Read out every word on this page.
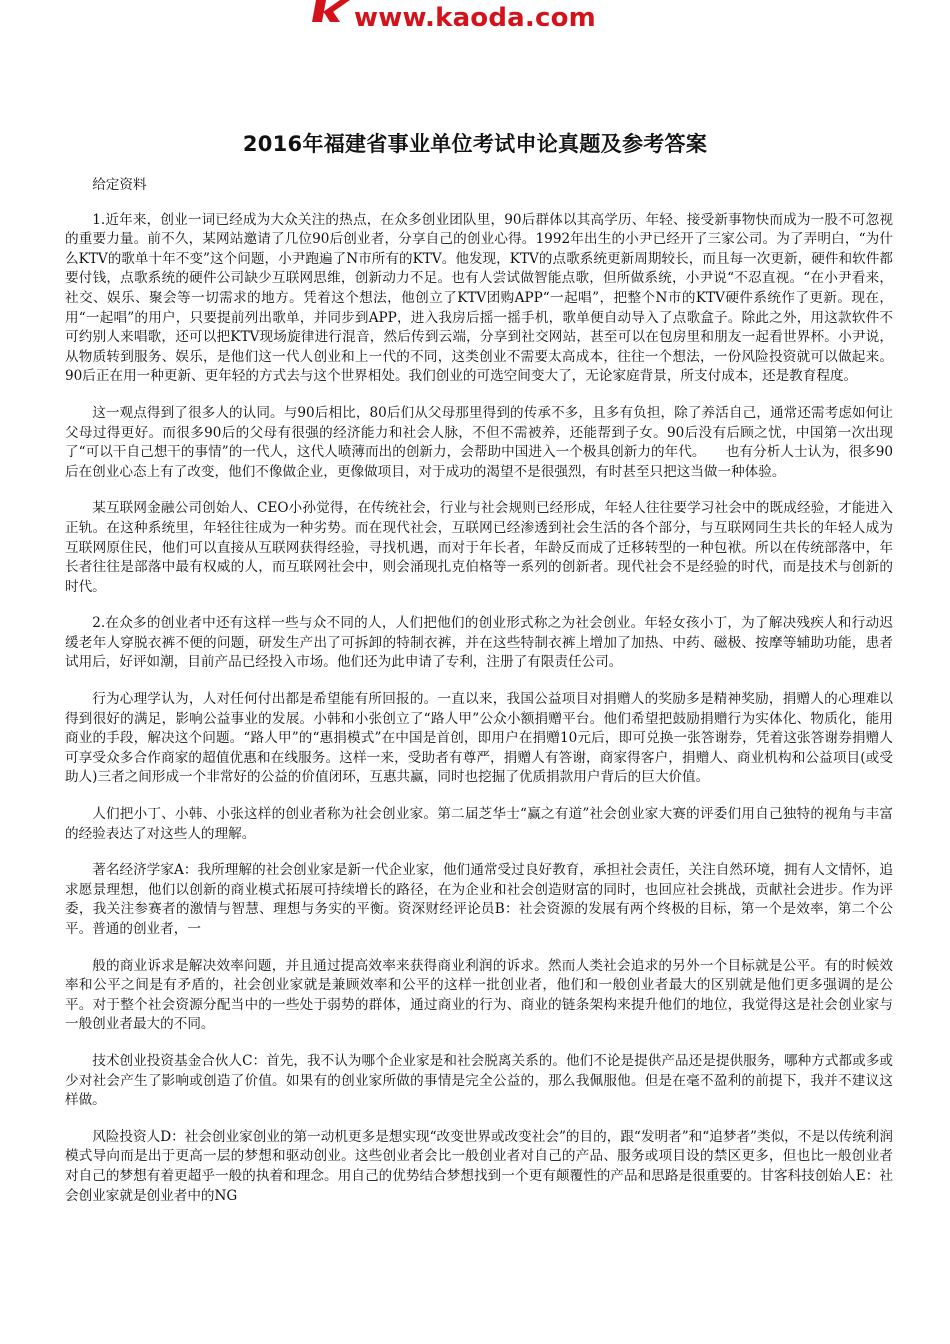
www.kaoda.com
2016年福建省事业单位考试申论真题及参考答案

给定资料

1.近年来，创业一词已经成为大众关注的热点，在众多创业团队里，90后群体以其高学历、年轻、接受新事物快而成为一股不可忽视的重要力量。前不久，某网站邀请了几位90后创业者，分享自己的创业心得。1992年出生的小尹已经开了三家公司。为了弄明白，“为什么KTV的歌单十年不变”这个问题，小尹跑遍了N市所有的KTV。他发现，KTV的点歌系统更新周期较长，而且每一次更新，硬件和软件都要付钱，点歌系统的硬件公司缺少互联网思维，创新动力不足。也有人尝试做智能点歌，但所做系统，小尹说“不忍直视。“在小尹看来，社交、娱乐、聚会等一切需求的地方。凭着这个想法，他创立了KTV团购APP“一起唱”，把整个N市的KTV硬件系统作了更新。现在，用“一起唱”的用户，只要提前列出歌单，并同步到APP，进入我房后摇一摇手机，歌单便自动导入了点歌盒子。除此之外，用这款软件不可约别人来唱歌，还可以把KTV现场旋律进行混音，然后传到云端，分享到社交网站，甚至可以在包房里和朋友一起看世界杯。小尹说，从物质转到服务、娱乐，是他们这一代人创业和上一代的不同，这类创业不需要太高成本，往往一个想法，一份风险投资就可以做起来。90后正在用一种更新、更年轻的方式去与这个世界相处。我们创业的可选空间变大了，无论家庭背景，所支付成本，还是教育程度。

这一观点得到了很多人的认同。与90后相比，80后们从父母那里得到的传承不多，且多有负担，除了养活自己，通常还需考虑如何让父母过得更好。而很多90后的父母有很强的经济能力和社会人脉，不但不需被养，还能帮到子女。90后没有后顾之忧，中国第一次出现了“可以干自己想干的事情”的一代人，这代人喷薄而出的创新力，会帮助中国进入一个极具创新力的年代。　　也有分析人士认为，很多90后在创业心态上有了改变，他们不像做企业，更像做项目，对于成功的渴望不是很强烈，有时甚至只把这当做一种体验。

某互联网金融公司创始人、CEO小孙觉得，在传统社会，行业与社会规则已经形成，年轻人往往要学习社会中的既成经验，才能进入正轨。在这种系统里，年轻往往成为一种劣势。而在现代社会，互联网已经渗透到社会生活的各个部分，与互联网同生共长的年轻人成为互联网原住民，他们可以直接从互联网获得经验，寻找机遇，而对于年长者，年龄反而成了迁移转型的一种包袱。所以在传统部落中，年长者往往是部落中最有权威的人，而互联网社会中，则会涌现扎克伯格等一系列的创新者。现代社会不是经验的时代，而是技术与创新的时代。

2.在众多的创业者中还有这样一些与众不同的人，人们把他们的创业形式称之为社会创业。年轻女孩小丁，为了解决残疾人和行动迟缓老年人穿脱衣裤不便的问题，研发生产出了可拆卸的特制衣裤，并在这些特制衣裤上增加了加热、中药、磁极、按摩等辅助功能，患者试用后，好评如潮，目前产品已经投入市场。他们还为此申请了专利，注册了有限责任公司。

行为心理学认为，人对任何付出都是希望能有所回报的。一直以来，我国公益项目对捐赠人的奖励多是精神奖励，捐赠人的心理难以得到很好的满足，影响公益事业的发展。小韩和小张创立了“路人甲”公众小额捐赠平台。他们希望把鼓励捐赠行为实体化、物质化，能用商业的手段，解决这个问题。“路人甲”的“惠捐模式”在中国是首创，即用户在捐赠10元后，即可兑换一张答谢券，凭着这张答谢券捐赠人可享受众多合作商家的超值优惠和在线服务。这样一来，受助者有尊严，捐赠人有答谢，商家得客户，捐赠人、商业机构和公益项目(或受助人)三者之间形成一个非常好的公益的价值闭环，互惠共赢，同时也挖掘了优质捐款用户背后的巨大价值。

人们把小丁、小韩、小张这样的创业者称为社会创业家。第二届芝华士“赢之有道”社会创业家大赛的评委们用自己独特的视角与丰富的经验表达了对这些人的理解。

著名经济学家A：我所理解的社会创业家是新一代企业家，他们通常受过良好教育，承担社会责任，关注自然环境，拥有人文情怀，追求愿景理想，他们以创新的商业模式拓展可持续增长的路径，在为企业和社会创造财富的同时，也回应社会挑战，贡献社会进步。作为评委，我关注参赛者的激情与智慧、理想与务实的平衡。资深财经评论员B：社会资源的发展有两个终极的目标，第一个是效率，第二个公平。普通的创业者，一

般的商业诉求是解决效率问题，并且通过提高效率来获得商业利润的诉求。然而人类社会追求的另外一个目标就是公平。有的时候效率和公平之间是有矛盾的，社会创业家就是兼顾效率和公平的这样一批创业者，他们和一般创业者最大的区别就是他们更多强调的是公平。对于整个社会资源分配当中的一些处于弱势的群体，通过商业的行为、商业的链条架构来提升他们的地位，我觉得这是社会创业家与一般创业者最大的不同。

技术创业投资基金合伙人C：首先，我不认为哪个企业家是和社会脱离关系的。他们不论是提供产品还是提供服务，哪种方式都或多或少对社会产生了影响或创造了价值。如果有的创业家所做的事情是完全公益的，那么我佩服他。但是在毫不盈利的前提下，我并不建议这样做。

风险投资人D：社会创业家创业的第一动机更多是想实现“改变世界或改变社会”的目的，跟“发明者”和“追梦者”类似，不是以传统利润模式导向而是出于更高一层的梦想和驱动创业。这些创业者会比一般创业者对自己的产品、服务或项目设的禁区更多，但也比一般创业者对自己的梦想有着更超乎一般的执着和理念。用自己的优势结合梦想找到一个更有颠覆性的产品和思路是很重要的。甘客科技创始人E：社会创业家就是创业者中的NG
